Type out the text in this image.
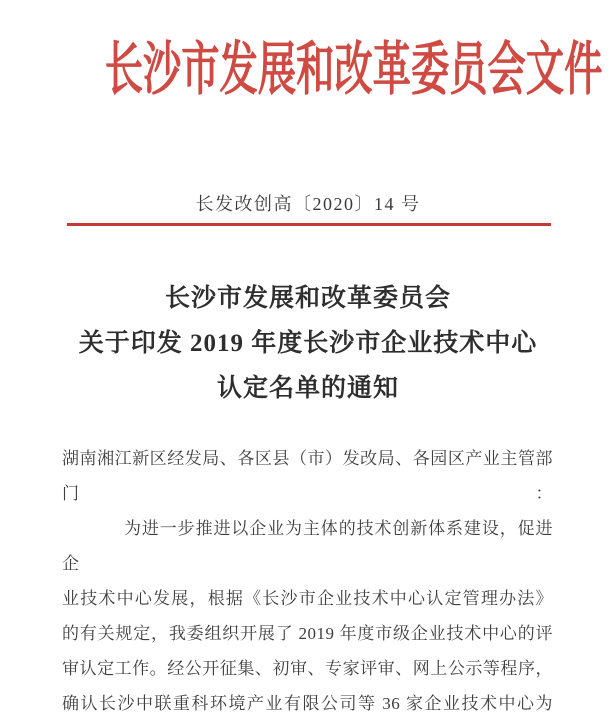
长沙市发展和改革委员会文件
长发改创高〔2020〕14 号
长沙市发展和改革委员会
关于印发 2019 年度长沙市企业技术中心
认定名单的通知

湖南湘江新区经发局、各区县（市）发改局、各园区产业主管部门：

为进一步推进以企业为主体的技术创新体系建设，促进企

业技术中心发展，根据《长沙市企业技术中心认定管理办法》

的有关规定，我委组织开展了 2019 年度市级企业技术中心的评

审认定工作。经公开征集、初审、专家评审、网上公示等程序，

确认长沙中联重科环境产业有限公司等 36 家企业技术中心为
